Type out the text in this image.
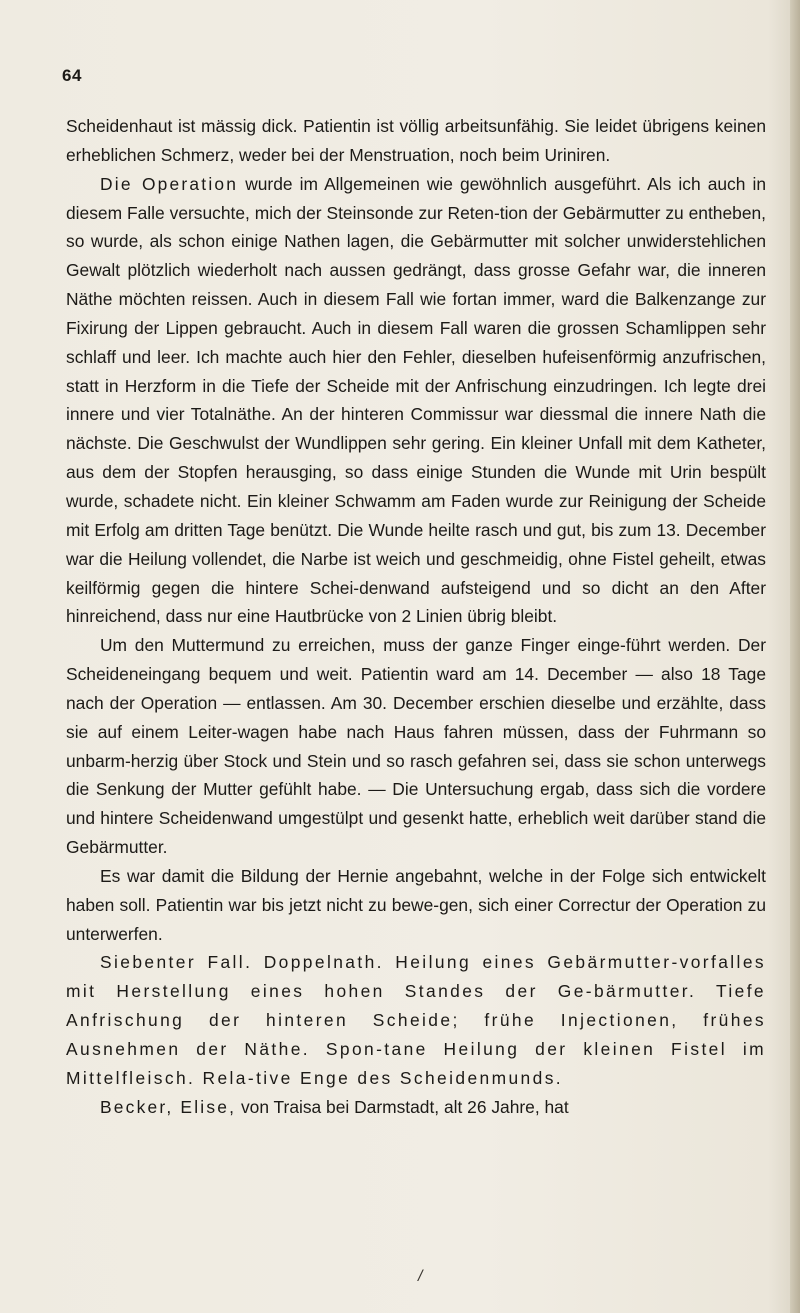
64

Scheidenhaut ist mässig dick. Patientin ist völlig arbeitsunfähig. Sie leidet übrigens keinen erheblichen Schmerz, weder bei der Menstruation, noch beim Uriniren.

Die Operation wurde im Allgemeinen wie gewöhnlich ausgeführt. Als ich auch in diesem Falle versuchte, mich der Steinsonde zur Reten-tion der Gebärmutter zu entheben, so wurde, als schon einige Nathen lagen, die Gebärmutter mit solcher unwiderstehlichen Gewalt plötzlich wiederholt nach aussen gedrängt, dass grosse Gefahr war, die inneren Näthe möchten reissen. Auch in diesem Fall wie fortan immer, ward die Balkenzange zur Fixirung der Lippen gebraucht. Auch in diesem Fall waren die grossen Schamlippen sehr schlaff und leer. Ich machte auch hier den Fehler, dieselben hufeisenförmig anzufrischen, statt in Herzform in die Tiefe der Scheide mit der Anfrischung einzudringen. Ich legte drei innere und vier Totalnäthe. An der hinteren Commissur war diessmal die innere Nath die nächste. Die Geschwulst der Wundlippen sehr gering. Ein kleiner Unfall mit dem Katheter, aus dem der Stopfen herausging, so dass einige Stunden die Wunde mit Urin bespült wurde, schadete nicht. Ein kleiner Schwamm am Faden wurde zur Reinigung der Scheide mit Erfolg am dritten Tage benützt. Die Wunde heilte rasch und gut, bis zum 13. December war die Heilung vollendet, die Narbe ist weich und geschmeidig, ohne Fistel geheilt, etwas keilförmig gegen die hintere Schei-denwand aufsteigend und so dicht an den After hinreichend, dass nur eine Hautbrücke von 2 Linien übrig bleibt.

Um den Muttermund zu erreichen, muss der ganze Finger einge-führt werden. Der Scheideneingang bequem und weit. Patientin ward am 14. December — also 18 Tage nach der Operation — entlassen. Am 30. December erschien dieselbe und erzählte, dass sie auf einem Leiter-wagen habe nach Haus fahren müssen, dass der Fuhrmann so unbarm-herzig über Stock und Stein und so rasch gefahren sei, dass sie schon unterwegs die Senkung der Mutter gefühlt habe. — Die Untersuchung ergab, dass sich die vordere und hintere Scheidenwand umgestülpt und gesenkt hatte, erheblich weit darüber stand die Gebärmutter.

Es war damit die Bildung der Hernie angebahnt, welche in der Folge sich entwickelt haben soll. Patientin war bis jetzt nicht zu bewe-gen, sich einer Correctur der Operation zu unterwerfen.

Siebenter Fall. Doppelnath. Heilung eines Gebärmutter-vorfalles mit Herstellung eines hohen Standes der Ge-bärmutter. Tiefe Anfrischung der hinteren Scheide; frühe Injectionen, frühes Ausnehmen der Näthe. Spon-tane Heilung der kleinen Fistel im Mittelfleisch. Rela-tive Enge des Scheidenmunds.

Becker, Elise, von Traisa bei Darmstadt, alt 26 Jahre, hat

/
